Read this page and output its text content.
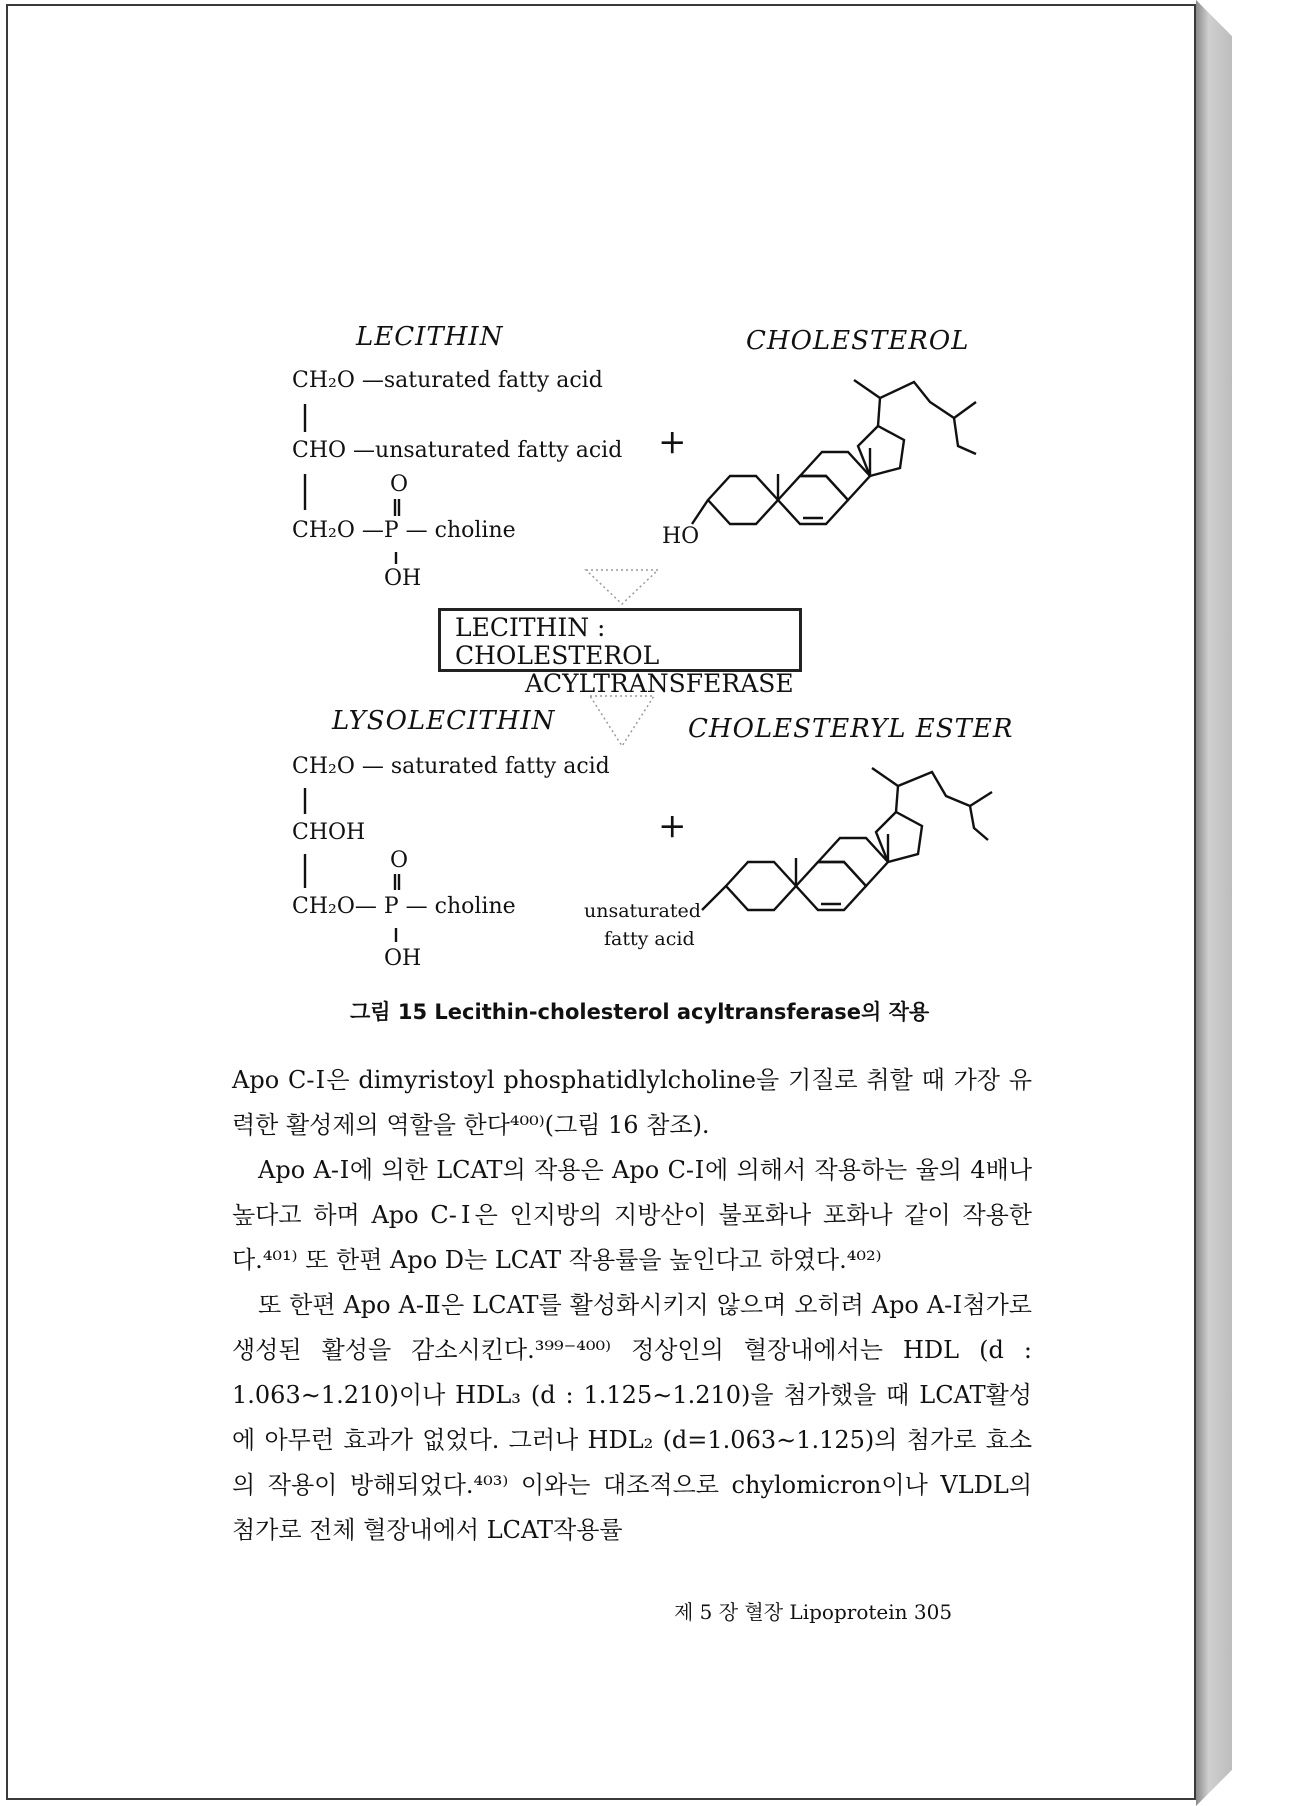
LECITHIN	CHOLESTEROL
CH₂O —saturated fatty acid
CHO —unsaturated fatty acid
O
CH₂O —P — choline
OH
+
HO
LECITHIN : CHOLESTEROL
ACYLTRANSFERASE
LYSOLECITHIN	CHOLESTERYL ESTER
CH₂O — saturated fatty acid
CHOH
O
CH₂O— P — choline
OH
+
unsaturated
fatty acid
그림 15 Lecithin-cholesterol acyltransferase의 작용

Apo C-Ⅰ은 dimyristoyl phosphatidlylcholine을 기질로 취할 때 가장 유력한 활성제의 역할을 한다⁴⁰⁰⁾(그림 16 참조).

Apo A-Ⅰ에 의한 LCAT의 작용은 Apo C-Ⅰ에 의해서 작용하는 율의 4배나 높다고 하며 Apo C-Ⅰ은 인지방의 지방산이 불포화나 포화나 같이 작용한다.⁴⁰¹⁾ 또 한편 Apo D는 LCAT 작용률을 높인다고 하였다.⁴⁰²⁾

또 한편 Apo A-Ⅱ은 LCAT를 활성화시키지 않으며 오히려 Apo A-Ⅰ첨가로 생성된 활성을 감소시킨다.³⁹⁹⁻⁴⁰⁰⁾ 정상인의 혈장내에서는 HDL (d : 1.063∼1.210)이나 HDL₃ (d : 1.125∼1.210)을 첨가했을 때 LCAT활성에 아무런 효과가 없었다. 그러나 HDL₂ (d=1.063∼1.125)의 첨가로 효소의 작용이 방해되었다.⁴⁰³⁾ 이와는 대조적으로 chylomicron이나 VLDL의 첨가로 전체 혈장내에서 LCAT작용률

제 5 장 혈장 Lipoprotein 305
